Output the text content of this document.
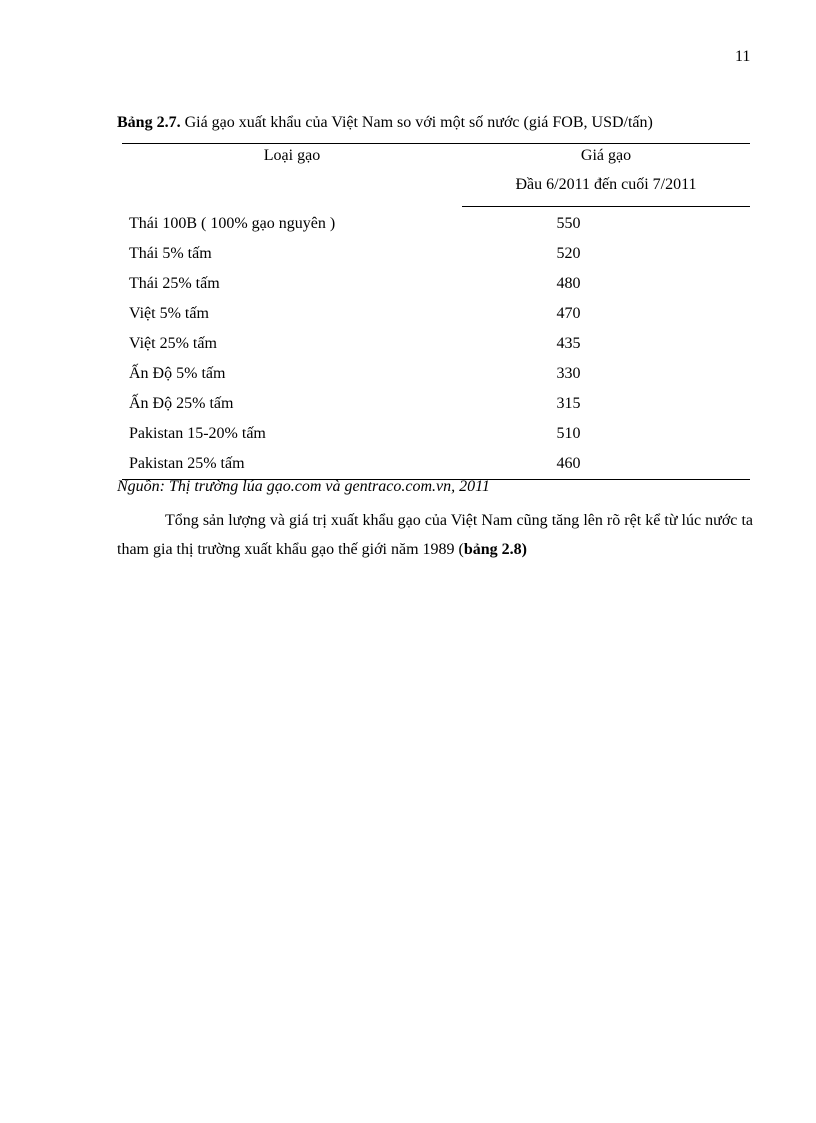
11
Bảng 2.7. Giá gạo xuất khẩu của Việt Nam so với một số nước (giá FOB, USD/tấn)
Loại gạo	Giá gạo
	Đầu 6/2011 đến cuối 7/2011
Thái 100B ( 100% gạo nguyên )	550
Thái 5% tấm	520
Thái 25% tấm	480
Việt 5% tấm	470
Việt 25% tấm	435
Ấn Độ 5% tấm	330
Ấn Độ 25% tấm	315
Pakistan 15-20% tấm	510
Pakistan 25% tấm	460
Nguồn: Thị trường lúa gạo.com và gentraco.com.vn, 2011
Tổng sản lượng và giá trị xuất khẩu gạo của Việt Nam cũng tăng lên rõ rệt kể từ lúc nước ta tham gia thị trường xuất khẩu gạo thế giới năm 1989 (bảng 2.8)
